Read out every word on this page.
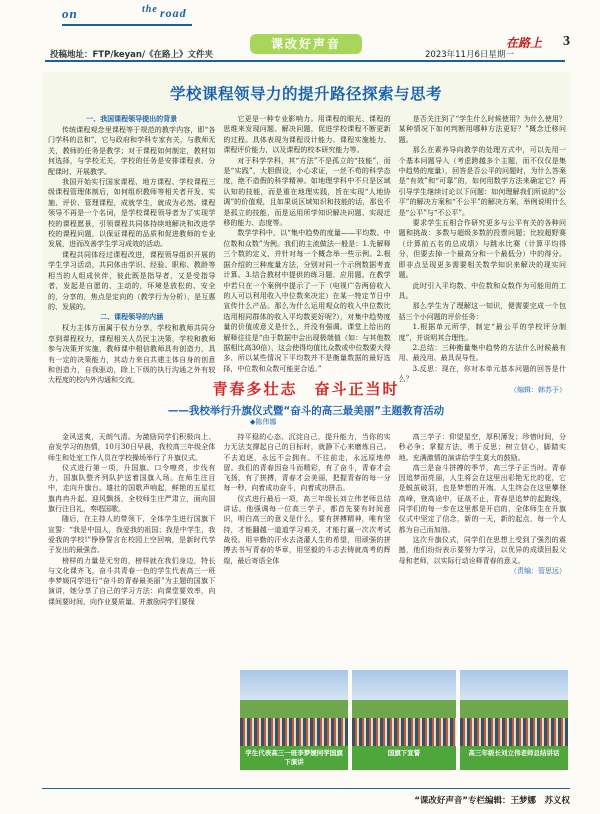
on	the road
投稿地址：FTP/keyan/《在路上》文件夹
课改好声音	在路上 3
2023年11月6日星期一
学校课程领导力的提升路径探索与思考
一、我国课程领导提出的背景

传统课程观念里课程等于规范的教学内容，即“各门学科的总和”，它与政府和学科专家有关，与教师无关，教师的任务是教学；对于课程如何制定，教材如何选择，与学校无关，学校的任务是安排课程表、分配课时、开展教学。

我国开始实行国家课程、地方课程、学校课程三级课程管理体制后，如何组织教师等相关者开发、实施、评价、管理课程，成就学生，就成为必然。课程领导不再是一个名词，是学校课程领导者为了实现学校的课程愿景，引领课程共同体持续地解决和改进学校的课程问题，以保证课程的品质和促进教师的专业发展，进而改善学生学习成效的活动。

课程共同体经过课程改进，课程领导组织开展的学生学习活动，共同体由学识、经验、职称、教龄等相当的人组成伙伴，彼此既是指导者，又是受指导者，发起是自愿的、主动的，环境是放松的、安全的，分享的，焦点是定向的（教学行为分析），是互惠的、发展的。

二、课程领导的内涵

权力主体方面属于权力分享，学校和教师共同分享到课程权力，课程相关人员民主决策，学校和教师参与决策并实施，教师课中相信教师具有创造力，具有一定的决策能力，其动力来自共建主体自身的创意和创造力，自我驱动，除上下级的执行沟通之外有较大程度的校内外沟通和交流。

它更是一种专业影响力。用课程的眼光、课程的思维来发现问题、解决问题，促进学校课程不断更新的过程。具体表现为课程设计能力、课程实施能力、课程评价能力，以及课程的校本研究能力等。

对于科学学科，其“方法”不是孤立的“技能”，而是“实践”，大胆假设，小心求证，一丝不苟的科学态度，绝不造假的科学精神。如地理学科中不只是区域认知的技能，而是重在地理实践，旨在实现“人地协调”的价值观，且如果说区域知识和技能的话，那也不是孤立的技能，而是运用所学知识解决问题、实现迁移的能力、态度等。

数学学科中，以“集中趋势的度量——平均数、中位数和众数”为例。我们的主流做法一般是：1.先解释三个数的定义，并针对每一个概念举一些示例。2.根据介绍的三种度量方法，分别对同一个示例数据考查计算。3.结合教材中提供的练习题、应用题。在教学中若只在一个案例中提示了一下（电视广告两倍收入的人可以利用收入中位数来决定）在某一特定节日中宣传什么产品。那么为什么运用观众的收入中位数比选用相同群体的收入平均数更好呢?），对集中趋势度量的价值或意义是什么，并没有强调。课堂上给出的解释往往是“由于数据中会出现极端值（如：与其他数据相比高30倍），这会使得均值比众数或中位数要大得多，所以某些情况下平均数并不是衡量数据的最好选择，中位数和众数可能更合适。”

是否关注到了“学生什么时候使用？为什么使用？某种情况下如何判断用哪种方法更好？”概念迁移问题。

那么在素养导向教学的处理方式中，可以先用一个基本问题导入（考虑跨越多个主题，而不仅仅是集中趋势的度量），回答是否公平的问题时，为什么答案是“有效”和“可靠”的，如何用数学方法来确定它？再引导学生继续讨论以下问题：如何理解我们所说的“公平”的解决方案和“不公平”的解决方案，举例说明什么是“公平”与“不公平”。

要求学生五相合作研究更多与公平有关的各种问题和挑战：多数与超级多数的投票问题；比较超野赛（计算前五名的总成绩）与跳水比赛（计算平均得分，但要去掉一个最高分和一个最低分）中的得分。即非点呈现更多需要相关数学知识来解决的现实问题。

此时引入平均数、中位数和众数作为可能用的工具。

那么学生为了理解这一知识，便需要完成一个包括三个小问题的评价任务：

1.根据单元所学，制定“最公平的学校评分制度”，并说明其合理性。

2.总结：三种衡量集中趋势的方法什么时候最有用、最没用、最具误导性。

3.反思：现在，你对本单元基本问题的回答是什么？

（编辑：韩苏予）
青春多壮志　奋斗正当时
——我校举行升旗仪式暨“奋斗的高三最美丽”主题教育活动
◆陈伟娜

金风送爽，天朗气清。为激励同学们积极向上、奋发学习的热情，10月30日早晨，我校高三年级全体师生和处室工作人员在学校操场举行了升旗仪式。

仪式进行第一项，升国旗。口令嘹亮，步伐有力，国旗队整齐列队护送着国旗入场。在师生注目中，走向升旗台。雄壮的国歌声响起，鲜艳的五星红旗冉冉升起。迎风飘扬，全校师生庄严肃立，面向国旗行注目礼，奏唱国歌。

随后，在主持人的带领下，全体学生进行国旗下宣誓：“我是中国人，我爱我的祖国；我是中学生，我爱我的学校!”铮铮誓言在校园上空回响，是新时代学子发出的最强音。

榜样的力量是无穷的，榜样就在我们身边，特长与文化课齐飞，奋斗共青春一色的学生代表高三一班李梦媛同学进行“奋斗的青春最美丽”为主题的国旗下演讲，她分享了自己的学习方法：向课堂要效率，向课间要时间，向作业要质量。并激励同学们要保

持平稳的心态、沉淀自己，提升能力，当你的实力无法支撑起自己的目标时，就静下心来磨炼自己。不去追逐，永远不会拥有。不往前走，永远原地停留。我们的青春因奋斗而精彩，有了奋斗，青春才会飞扬，有了拼搏，青春才会美丽，把握青春的每一分每一秒，向着成功奋斗，向着成功拼击。

仪式进行最后一项，高三年级长刘立伟老师总结讲话。他强调每一位高三学子，都首先要有时间意识，明白高三的意义是什么，要有拼搏精神，唯有坚持，才能翻越一道道学习难关，才能打赢一次次考试战役。用辛勤的汗水去浇灌人生的希望，用顽强的拼搏去书写青春的华章，用坚毅的斗志去铸就高考的辉煌，最后寄语全体

高三学子：仰望星空，厚积薄发；珍惜时间，分秒必争；掌握方法，勇于反思；树立信心，脚踏实地。充满激情的演讲给学生莫大的鼓励。

高三是奋斗拼搏的季节，高三学子正当时。青春因追梦而亮丽，人生将会在这里出彩艳无比的花，它是蜕茧破羽，也是梦想的开端。人生终会在这里攀登高峰，登高途中，征战不止，青春是追梦的起跑线，同学们的每一步在这里都是开启的，全体师生在升旗仪式中坚定了信念，新的一天，新的起点，每一个人都为自己而加油。

这次升旗仪式，同学们在思想上受到了强烈的震撼，他们纷纷表示要努力学习，以优异的成绩回报父母和老师，以实际行动诠释青春的意义。

（责编：管思远）
学生代表高三一班李梦媛同学国旗下演讲
国旗下宣誓	高三年级长刘立伟老师总结讲话
“课改好声音”专栏编辑：王梦娜　苏义权
